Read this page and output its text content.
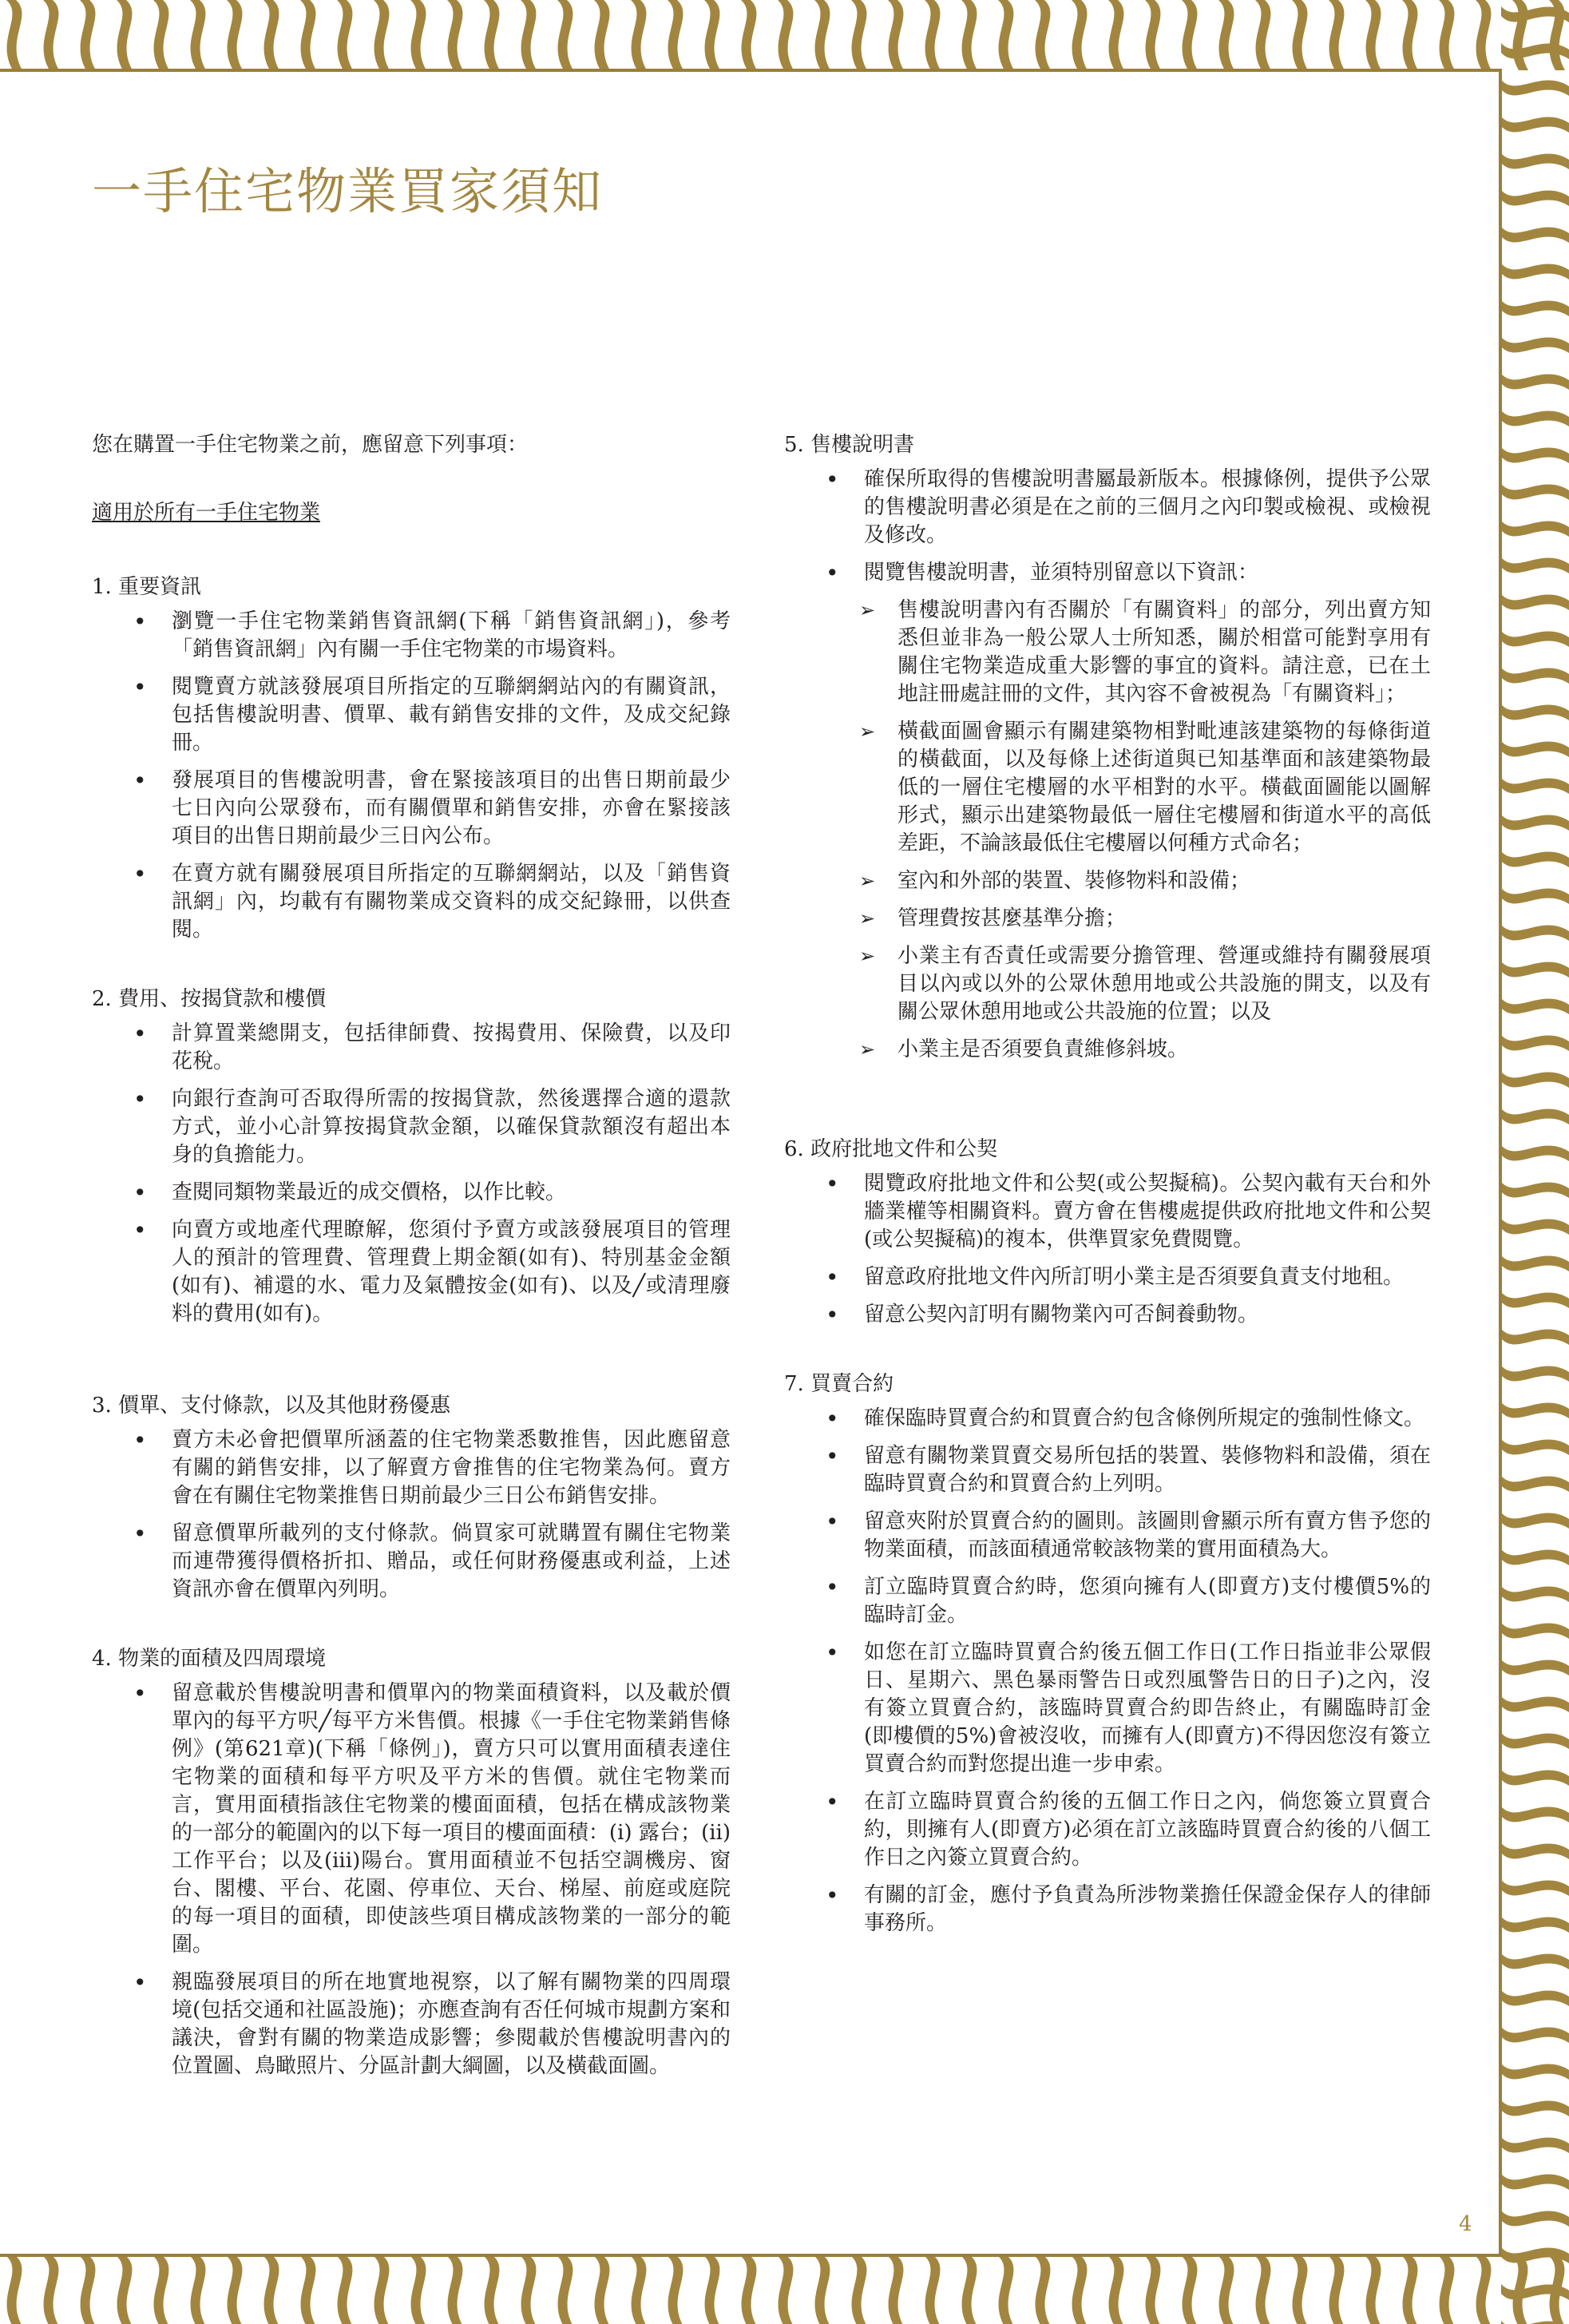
一手住宅物業買家須知

您在購置一手住宅物業之前，應留意下列事項：

適用於所有一手住宅物業

1. 重要資訊

• 瀏覽一手住宅物業銷售資訊網(下稱「銷售資訊網」)，參考「銷售資訊網」內有關一手住宅物業的市場資料。
• 閱覽賣方就該發展項目所指定的互聯網網站內的有關資訊，包括售樓說明書、價單、載有銷售安排的文件，及成交紀錄冊。
• 發展項目的售樓說明書，會在緊接該項目的出售日期前最少七日內向公眾發布，而有關價單和銷售安排，亦會在緊接該項目的出售日期前最少三日內公布。
• 在賣方就有關發展項目所指定的互聯網網站，以及「銷售資訊網」內，均載有有關物業成交資料的成交紀錄冊，以供查閱。

2. 費用、按揭貸款和樓價

• 計算置業總開支，包括律師費、按揭費用、保險費，以及印花稅。
• 向銀行查詢可否取得所需的按揭貸款，然後選擇合適的還款方式，並小心計算按揭貸款金額，以確保貸款額沒有超出本身的負擔能力。
• 查閱同類物業最近的成交價格，以作比較。
• 向賣方或地產代理瞭解，您須付予賣方或該發展項目的管理人的預計的管理費、管理費上期金額(如有)、特別基金金額(如有)、補還的水、電力及氣體按金(如有)、以及╱或清理廢料的費用(如有)。

3. 價單、支付條款，以及其他財務優惠

• 賣方未必會把價單所涵蓋的住宅物業悉數推售，因此應留意有關的銷售安排，以了解賣方會推售的住宅物業為何。賣方會在有關住宅物業推售日期前最少三日公布銷售安排。
• 留意價單所載列的支付條款。倘買家可就購置有關住宅物業而連帶獲得價格折扣、贈品，或任何財務優惠或利益，上述資訊亦會在價單內列明。

4. 物業的面積及四周環境

• 留意載於售樓說明書和價單內的物業面積資料，以及載於價單內的每平方呎╱每平方米售價。根據《一手住宅物業銷售條例》(第621章)(下稱「條例」)，賣方只可以實用面積表達住宅物業的面積和每平方呎及平方米的售價。就住宅物業而言，實用面積指該住宅物業的樓面面積，包括在構成該物業的一部分的範圍內的以下每一項目的樓面面積：(i) 露台；(ii)工作平台；以及(iii)陽台。實用面積並不包括空調機房、窗台、閣樓、平台、花園、停車位、天台、梯屋、前庭或庭院的每一項目的面積，即使該些項目構成該物業的一部分的範圍。
• 親臨發展項目的所在地實地視察，以了解有關物業的四周環境(包括交通和社區設施)；亦應查詢有否任何城市規劃方案和議決，會對有關的物業造成影響；參閱載於售樓說明書內的位置圖、鳥瞰照片、分區計劃大綱圖，以及橫截面圖。

5. 售樓說明書

• 確保所取得的售樓說明書屬最新版本。根據條例，提供予公眾的售樓說明書必須是在之前的三個月之內印製或檢視、或檢視及修改。
• 閱覽售樓說明書，並須特別留意以下資訊：
➢ 售樓說明書內有否關於「有關資料」的部分，列出賣方知悉但並非為一般公眾人士所知悉，關於相當可能對享用有關住宅物業造成重大影響的事宜的資料。請注意，已在土地註冊處註冊的文件，其內容不會被視為「有關資料」；
➢ 橫截面圖會顯示有關建築物相對毗連該建築物的每條街道的橫截面，以及每條上述街道與已知基準面和該建築物最低的一層住宅樓層的水平相對的水平。橫截面圖能以圖解形式，顯示出建築物最低一層住宅樓層和街道水平的高低差距，不論該最低住宅樓層以何種方式命名；
➢ 室內和外部的裝置、裝修物料和設備；
➢ 管理費按甚麼基準分擔；
➢ 小業主有否責任或需要分擔管理、營運或維持有關發展項目以內或以外的公眾休憩用地或公共設施的開支，以及有關公眾休憩用地或公共設施的位置；以及
➢ 小業主是否須要負責維修斜坡。

6. 政府批地文件和公契

• 閱覽政府批地文件和公契(或公契擬稿)。公契內載有天台和外牆業權等相關資料。賣方會在售樓處提供政府批地文件和公契(或公契擬稿)的複本，供準買家免費閱覽。
• 留意政府批地文件內所訂明小業主是否須要負責支付地租。
• 留意公契內訂明有關物業內可否飼養動物。

7. 買賣合約

• 確保臨時買賣合約和買賣合約包含條例所規定的強制性條文。
• 留意有關物業買賣交易所包括的裝置、裝修物料和設備，須在臨時買賣合約和買賣合約上列明。
• 留意夾附於買賣合約的圖則。該圖則會顯示所有賣方售予您的物業面積，而該面積通常較該物業的實用面積為大。
• 訂立臨時買賣合約時，您須向擁有人(即賣方)支付樓價5%的臨時訂金。
• 如您在訂立臨時買賣合約後五個工作日(工作日指並非公眾假日、星期六、黑色暴雨警告日或烈風警告日的日子)之內，沒有簽立買賣合約，該臨時買賣合約即告終止，有關臨時訂金(即樓價的5%)會被沒收，而擁有人(即賣方)不得因您沒有簽立買賣合約而對您提出進一步申索。
• 在訂立臨時買賣合約後的五個工作日之內，倘您簽立買賣合約，則擁有人(即賣方)必須在訂立該臨時買賣合約後的八個工作日之內簽立買賣合約。
• 有關的訂金，應付予負責為所涉物業擔任保證金保存人的律師事務所。
4
